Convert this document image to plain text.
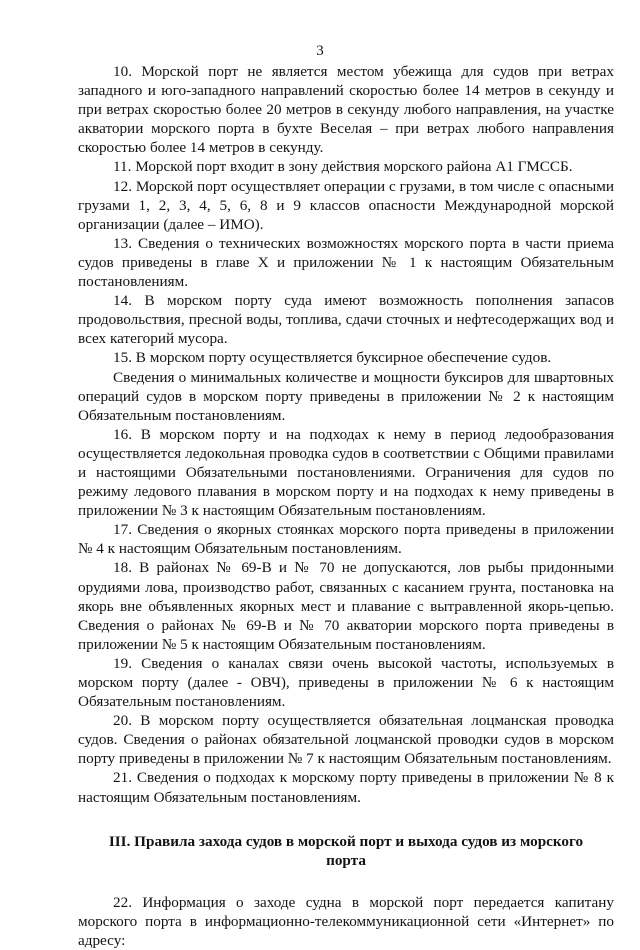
3

10. Морской порт не является местом убежища для судов при ветрах западного и юго-западного направлений скоростью более 14 метров в секунду и при ветрах скоростью более 20 метров в секунду любого направления, на участке акватории морского порта в бухте Веселая – при ветрах любого направления скоростью более 14 метров в секунду.

11. Морской порт входит в зону действия морского района А1 ГМССБ.

12. Морской порт осуществляет операции с грузами, в том числе с опасными грузами 1, 2, 3, 4, 5, 6, 8 и 9 классов опасности Международной морской организации (далее – ИМО).

13. Сведения о технических возможностях морского порта в части приема судов приведены в главе X и приложении № 1 к настоящим Обязательным постановлениям.

14. В морском порту суда имеют возможность пополнения запасов продовольствия, пресной воды, топлива, сдачи сточных и нефтесодержащих вод и всех категорий мусора.

15. В морском порту осуществляется буксирное обеспечение судов.

Сведения о минимальных количестве и мощности буксиров для швартовных операций судов в морском порту приведены в приложении № 2 к настоящим Обязательным постановлениям.

16. В морском порту и на подходах к нему в период ледообразования осуществляется ледокольная проводка судов в соответствии с Общими правилами и настоящими Обязательными постановлениями. Ограничения для судов по режиму ледового плавания в морском порту и на подходах к нему приведены в приложении № 3 к настоящим Обязательным постановлениям.

17. Сведения о якорных стоянках морского порта приведены в приложении № 4 к настоящим Обязательным постановлениям.

18. В районах № 69-В и № 70 не допускаются, лов рыбы придонными орудиями лова, производство работ, связанных с касанием грунта, постановка на якорь вне объявленных якорных мест и плавание с вытравленной якорь-цепью. Сведения о районах № 69-В и № 70 акватории морского порта приведены в приложении № 5 к настоящим Обязательным постановлениям.

19. Сведения о каналах связи очень высокой частоты, используемых в морском порту (далее - ОВЧ), приведены в приложении № 6 к настоящим Обязательным постановлениям.

20. В морском порту осуществляется обязательная лоцманская проводка судов. Сведения о районах обязательной лоцманской проводки судов в морском порту приведены в приложении № 7 к настоящим Обязательным постановлениям.

21. Сведения о подходах к морскому порту приведены в приложении № 8 к настоящим Обязательным постановлениям.

III. Правила захода судов в морской порт и выхода судов из морского порта

22. Информация о заходе судна в морской порт передается капитану морского порта в информационно-телекоммуникационной сети «Интернет» по адресу:
